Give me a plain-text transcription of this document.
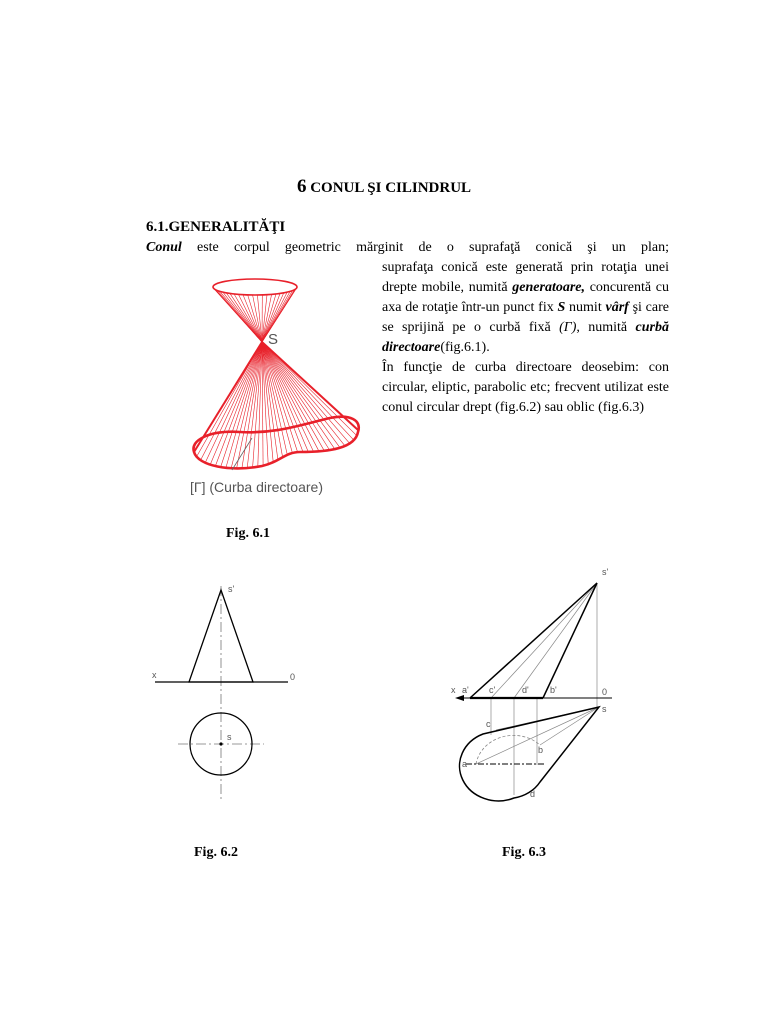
6 CONUL ŞI CILINDRUL
6.1.GENERALITĂŢI
Conul este corpul geometric mărginit de o suprafaţă conică şi un plan;
suprafaţa conică este generată prin rotaţia unei drepte mobile, numită generatoare, concurentă cu axa de rotaţie într-un punct fix S numit vârf şi care se sprijină pe o curbă fixă (Γ), numită curbă directoare(fig.6.1).
În funcţie de curba directoare deosebim: con circular, eliptic, parabolic etc; frecvent utilizat este conul circular drept (fig.6.2) sau oblic (fig.6.3)
S
[Γ] (Curba directoare)
Fig. 6.1
s'
x	0
s
Fig. 6.2
s'
x a' c'	d' b'	0
s
c
b
a
d
Fig. 6.3
